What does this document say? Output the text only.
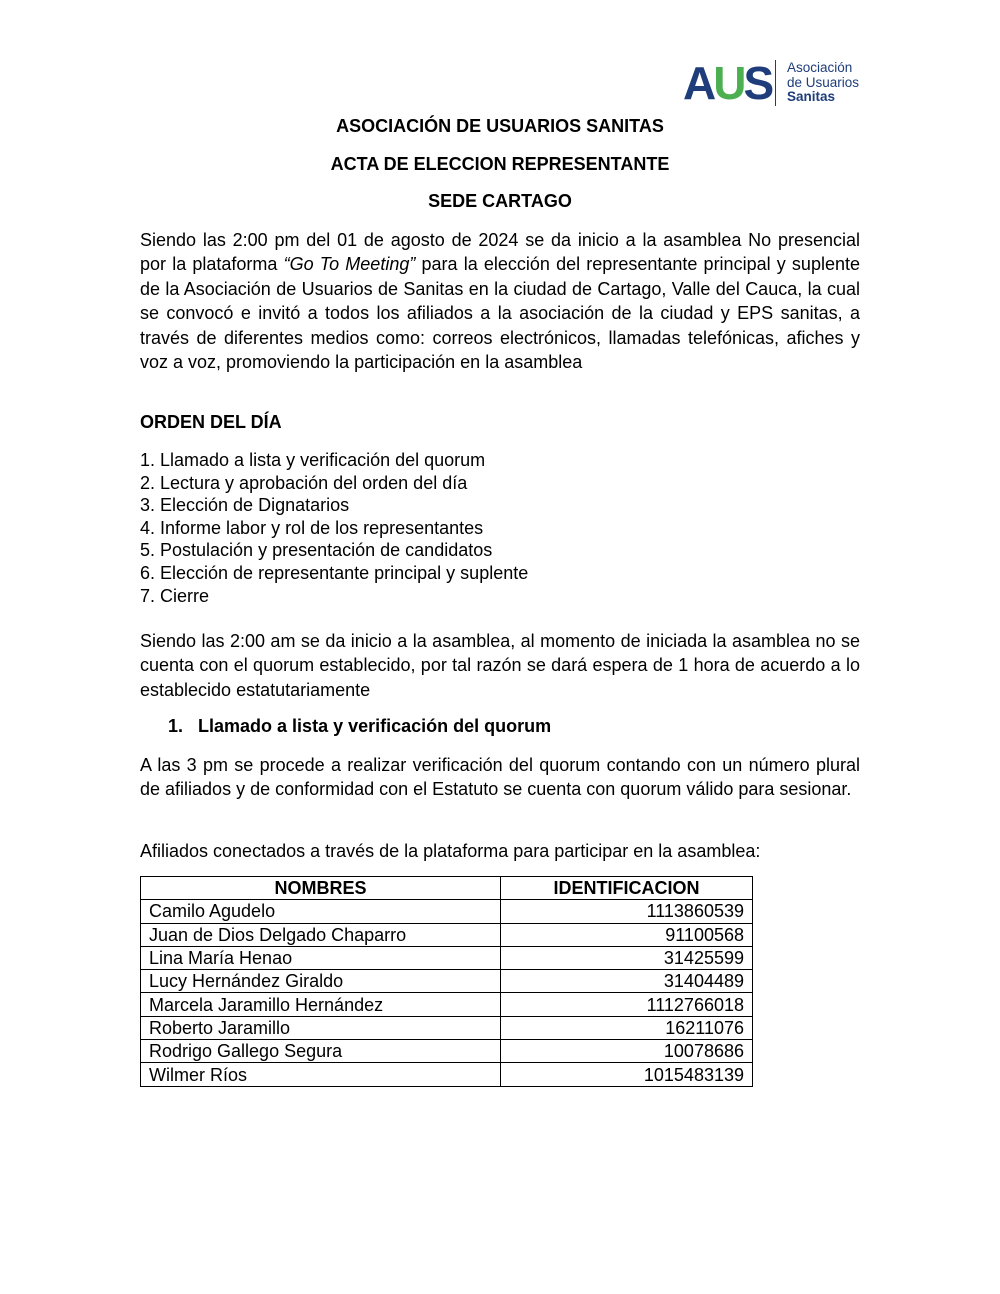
AUS Asociación
de Usuarios
Sanitas
ASOCIACIÓN DE USUARIOS SANITAS
ACTA DE ELECCION REPRESENTANTE
SEDE CARTAGO

Siendo las 2:00 pm del 01 de agosto de 2024 se da inicio a la asamblea No presencial por la plataforma “Go To Meeting” para la elección del representante principal y suplente de la Asociación de Usuarios de Sanitas en la ciudad de Cartago, Valle del Cauca, la cual se convocó e invitó a todos los afiliados a la asociación de la ciudad y EPS sanitas, a través de diferentes medios como: correos electrónicos, llamadas telefónicas, afiches y voz a voz, promoviendo la participación en la asamblea

ORDEN DEL DÍA
1. Llamado a lista y verificación del quorum
2. Lectura y aprobación del orden del día
3. Elección de Dignatarios
4. Informe labor y rol de los representantes
5. Postulación y presentación de candidatos
6. Elección de representante principal y suplente
7. Cierre

Siendo las 2:00 am se da inicio a la asamblea, al momento de iniciada la asamblea no se cuenta con el quorum establecido, por tal razón se dará espera de 1 hora de acuerdo a lo establecido estatutariamente

1. Llamado a lista y verificación del quorum

A las 3 pm se procede a realizar verificación del quorum contando con un número plural de afiliados y de conformidad con el Estatuto se cuenta con quorum válido para sesionar.

Afiliados conectados a través de la plataforma para participar en la asamblea:

NOMBRES	IDENTIFICACION
Camilo Agudelo	1113860539
Juan de Dios Delgado Chaparro	91100568
Lina María Henao	31425599
Lucy Hernández Giraldo	31404489
Marcela Jaramillo Hernández	1112766018
Roberto Jaramillo	16211076
Rodrigo Gallego Segura	10078686
Wilmer Ríos	1015483139
